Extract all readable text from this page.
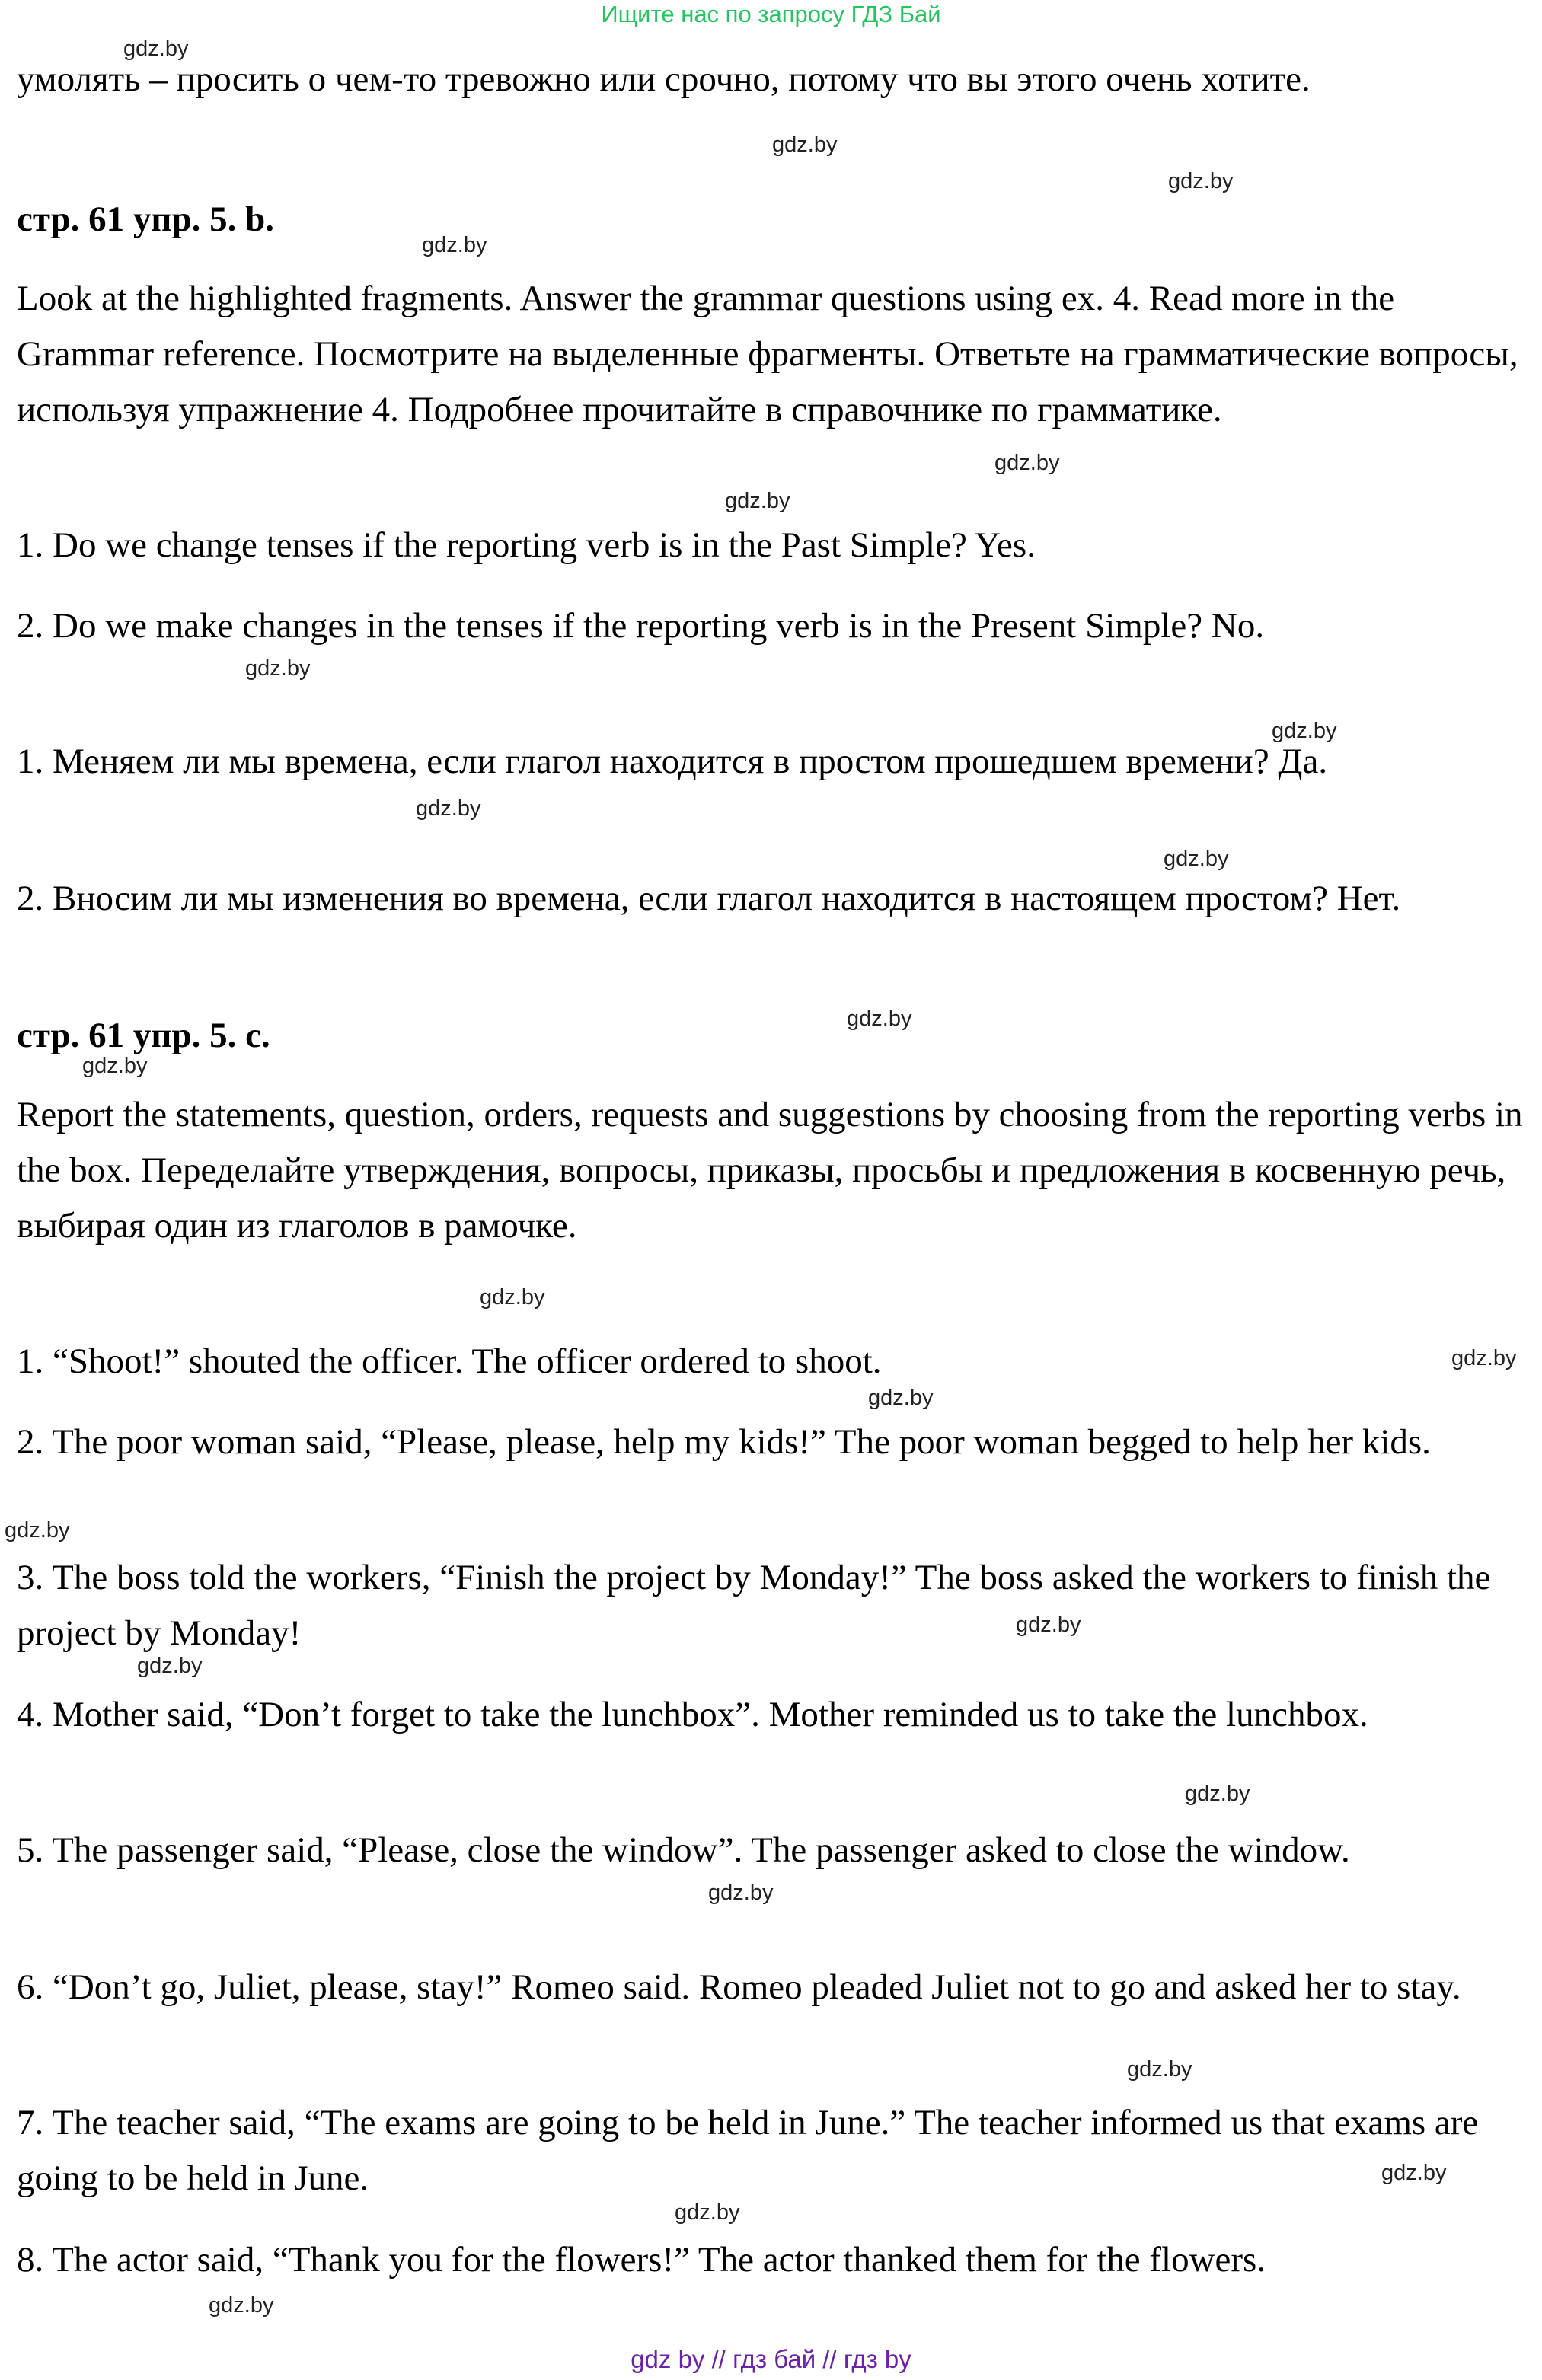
Ищите нас по запросу ГДЗ Бай

умолять – просить о чем-то тревожно или срочно, потому что вы этого очень хотите.

стр. 61 упр. 5. b.

Look at the highlighted fragments. Answer the grammar questions using ex. 4. Read more in the Grammar reference. Посмотрите на выделенные фрагменты. Ответьте на грамматические вопросы, используя упражнение 4. Подробнее прочитайте в справочнике по грамматике.

1. Do we change tenses if the reporting verb is in the Past Simple? Yes.

2. Do we make changes in the tenses if the reporting verb is in the Present Simple? No.

1. Меняем ли мы времена, если глагол находится в простом прошедшем времени? Да.

2. Вносим ли мы изменения во времена, если глагол находится в настоящем простом? Нет.

стр. 61 упр. 5. c.

Report the statements, question, orders, requests and suggestions by choosing from the reporting verbs in the box. Переделайте утверждения, вопросы, приказы, просьбы и предложения в косвенную речь, выбирая один из глаголов в рамочке.

1. “Shoot!” shouted the officer. The officer ordered to shoot.

2. The poor woman said, “Please, please, help my kids!” The poor woman begged to help her kids.

3. The boss told the workers, “Finish the project by Monday!” The boss asked the workers to finish the project by Monday!

4. Mother said, “Don’t forget to take the lunchbox”. Mother reminded us to take the lunchbox.

5. The passenger said, “Please, close the window”. The passenger asked to close the window.

6. “Don’t go, Juliet, please, stay!” Romeo said. Romeo pleaded Juliet not to go and asked her to stay.

7. The teacher said, “The exams are going to be held in June.” The teacher informed us that exams are going to be held in June.

8. The actor said, “Thank you for the flowers!” The actor thanked them for the flowers.

gdz.by
gdz.by
gdz.by
gdz.by
gdz.by
gdz.by
gdz.by
gdz.by
gdz.by
gdz.by
gdz.by
gdz.by
gdz.by
gdz.by
gdz.by
gdz.by
gdz.by
gdz.by
gdz.by
gdz.by
gdz.by
gdz.by
gdz.by
gdz.by
gdz by // гдз бай // гдз by
